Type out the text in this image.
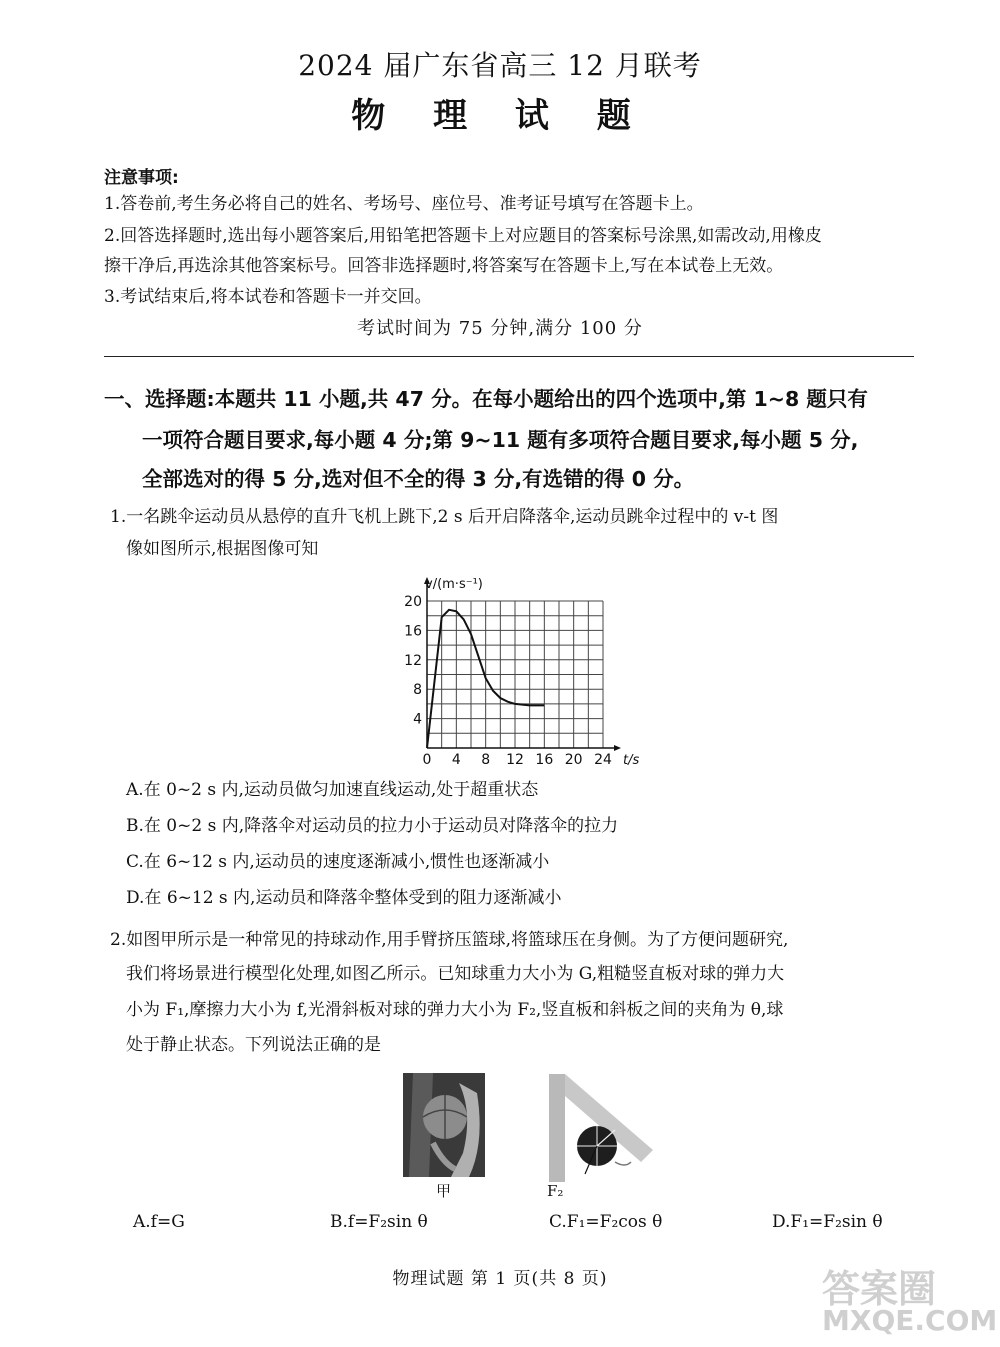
2024 届广东省高三 12 月联考
物 理 试 题
注意事项:
1.答卷前,考生务必将自己的姓名、考场号、座位号、准考证号填写在答题卡上。
2.回答选择题时,选出每小题答案后,用铅笔把答题卡上对应题目的答案标号涂黑,如需改动,用橡皮
擦干净后,再选涂其他答案标号。回答非选择题时,将答案写在答题卡上,写在本试卷上无效。
3.考试结束后,将本试卷和答题卡一并交回。
考试时间为 75 分钟,满分 100 分
一、选择题:本题共 11 小题,共 47 分。在每小题给出的四个选项中,第 1~8 题只有
一项符合题目要求,每小题 4 分;第 9~11 题有多项符合题目要求,每小题 5 分,
全部选对的得 5 分,选对但不全的得 3 分,有选错的得 0 分。
1.一名跳伞运动员从悬停的直升飞机上跳下,2 s 后开启降落伞,运动员跳伞过程中的 v-t 图
像如图所示,根据图像可知
0 4 8 12 16 20 24
4
8
12
16
20
v/(m·s⁻¹)
t/s
A.在 0~2 s 内,运动员做匀加速直线运动,处于超重状态
B.在 0~2 s 内,降落伞对运动员的拉力小于运动员对降落伞的拉力
C.在 6~12 s 内,运动员的速度逐渐减小,惯性也逐渐减小
D.在 6~12 s 内,运动员和降落伞整体受到的阻力逐渐减小
2.如图甲所示是一种常见的持球动作,用手臂挤压篮球,将篮球压在身侧。为了方便问题研究,
我们将场景进行模型化处理,如图乙所示。已知球重力大小为 G,粗糙竖直板对球的弹力大
小为 F₁,摩擦力大小为 f,光滑斜板对球的弹力大小为 F₂,竖直板和斜板之间的夹角为 θ,球
处于静止状态。下列说法正确的是
甲	F₂
A.f=G	B.f=F₂sin θ	C.F₁=F₂cos θ	D.F₁=F₂sin θ
物理试题 第 1 页(共 8 页)	答案圈
MXQE.COM
